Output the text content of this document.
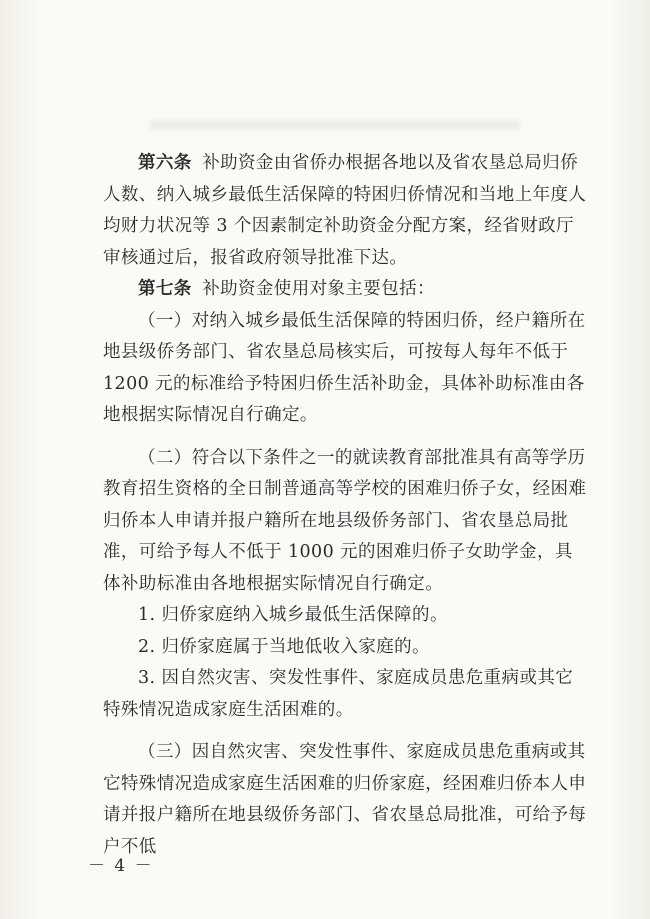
第六条 补助资金由省侨办根据各地以及省农垦总局归侨人数、纳入城乡最低生活保障的特困归侨情况和当地上年度人均财力状况等 3 个因素制定补助资金分配方案，经省财政厅审核通过后，报省政府领导批准下达。

第七条 补助资金使用对象主要包括：

（一）对纳入城乡最低生活保障的特困归侨，经户籍所在地县级侨务部门、省农垦总局核实后，可按每人每年不低于 1200 元的标准给予特困归侨生活补助金，具体补助标准由各地根据实际情况自行确定。

（二）符合以下条件之一的就读教育部批准具有高等学历教育招生资格的全日制普通高等学校的困难归侨子女，经困难归侨本人申请并报户籍所在地县级侨务部门、省农垦总局批准，可给予每人不低于 1000 元的困难归侨子女助学金，具体补助标准由各地根据实际情况自行确定。

1. 归侨家庭纳入城乡最低生活保障的。

2. 归侨家庭属于当地低收入家庭的。

3. 因自然灾害、突发性事件、家庭成员患危重病或其它特殊情况造成家庭生活困难的。

（三）因自然灾害、突发性事件、家庭成员患危重病或其它特殊情况造成家庭生活困难的归侨家庭，经困难归侨本人申请并报户籍所在地县级侨务部门、省农垦总局批准，可给予每户不低

－ 4 －
